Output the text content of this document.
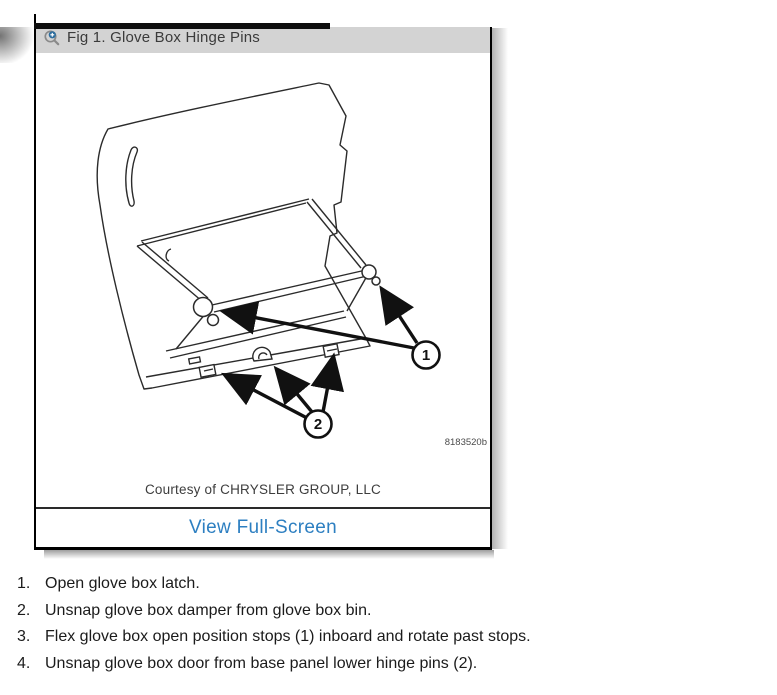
Fig 1. Glove Box Hinge Pins
1
2
8183520b
Courtesy of CHRYSLER GROUP, LLC
View Full-Screen
1. Open glove box latch.
2. Unsnap glove box damper from glove box bin.
3. Flex glove box open position stops (1) inboard and rotate past stops.
4. Unsnap glove box door from base panel lower hinge pins (2).
